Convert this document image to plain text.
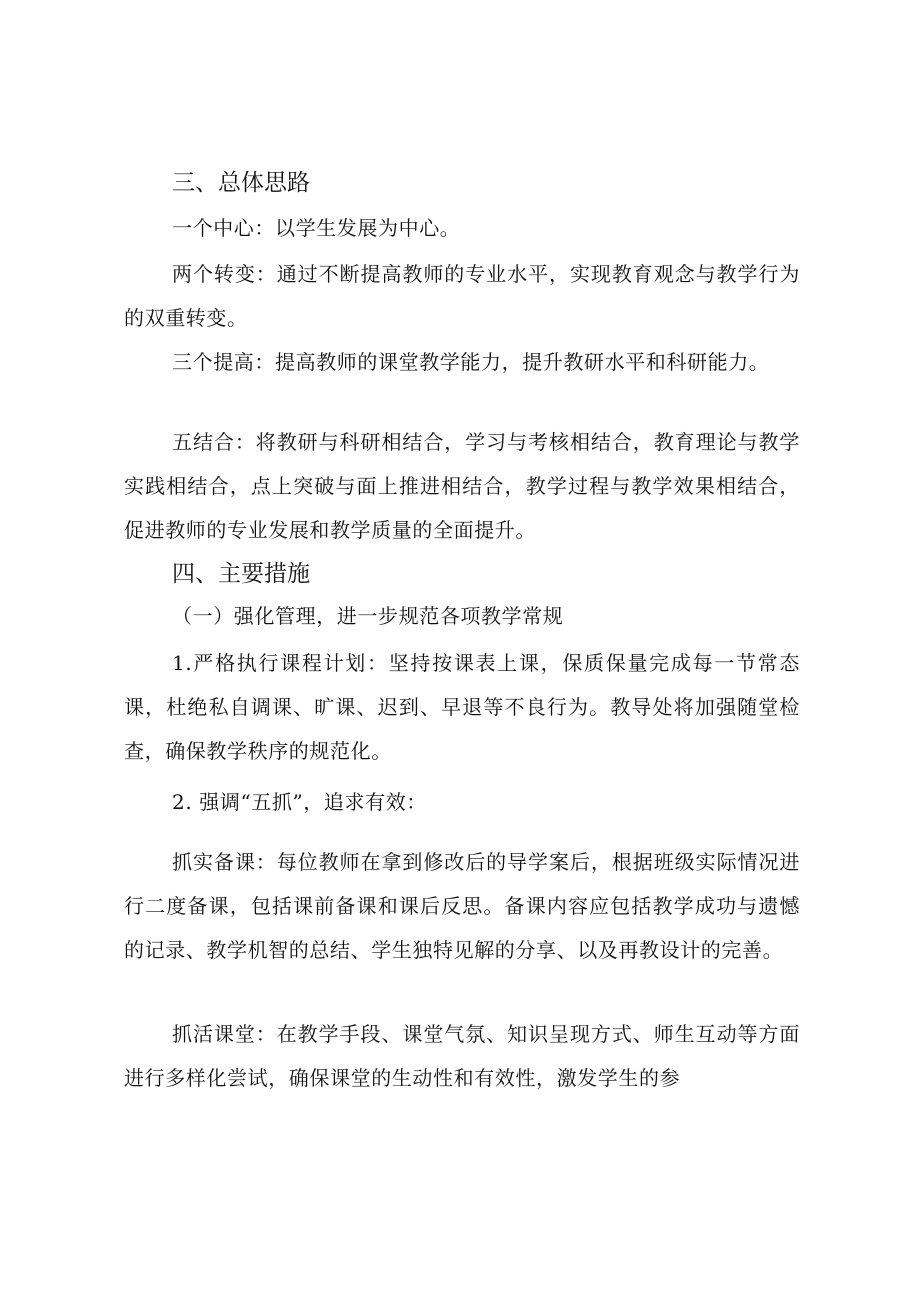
三、总体思路

一个中心：以学生发展为中心。

两个转变：通过不断提高教师的专业水平，实现教育观念与教学行为的双重转变。

三个提高：提高教师的课堂教学能力，提升教研水平和科研能力。

五结合：将教研与科研相结合，学习与考核相结合，教育理论与教学实践相结合，点上突破与面上推进相结合，教学过程与教学效果相结合，促进教师的专业发展和教学质量的全面提升。

四、主要措施

（一）强化管理，进一步规范各项教学常规

1.严格执行课程计划：坚持按课表上课，保质保量完成每一节常态课，杜绝私自调课、旷课、迟到、早退等不良行为。教导处将加强随堂检查，确保教学秩序的规范化。

2. 强调“五抓”，追求有效：

抓实备课：每位教师在拿到修改后的导学案后，根据班级实际情况进行二度备课，包括课前备课和课后反思。备课内容应包括教学成功与遗憾的记录、教学机智的总结、学生独特见解的分享、以及再教设计的完善。

抓活课堂：在教学手段、课堂气氛、知识呈现方式、师生互动等方面进行多样化尝试，确保课堂的生动性和有效性，激发学生的参
